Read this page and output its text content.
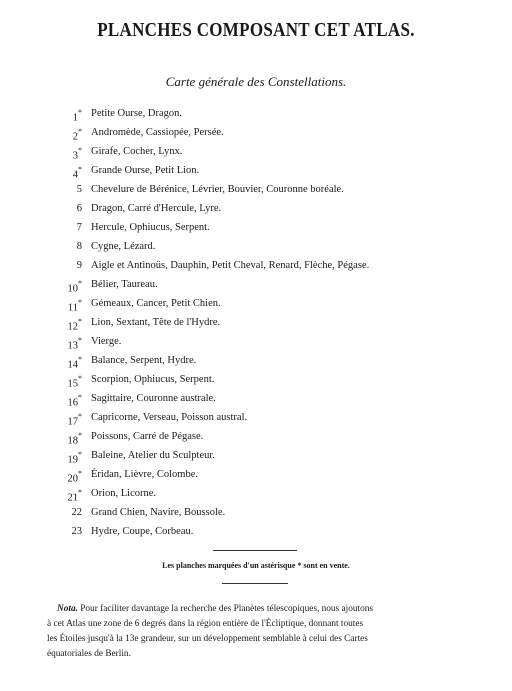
PLANCHES COMPOSANT CET ATLAS.
Carte générale des Constellations.
1* Petite Ourse, Dragon.
2* Andromède, Cassiopée, Persée.
3* Girafe, Cocher, Lynx.
4* Grande Ourse, Petit Lion.
5 Chevelure de Bérénice, Lévrier, Bouvier, Couronne boréale.
6 Dragon, Carré d'Hercule, Lyre.
7 Hercule, Ophiucus, Serpent.
8 Cygne, Lézard.
9 Aigle et Antinoüs, Dauphin, Petit Cheval, Renard, Flèche, Pégase.
10* Bélier, Taureau.
11* Gémeaux, Cancer, Petit Chien.
12* Lion, Sextant, Tête de l'Hydre.
13* Vierge.
14* Balance, Serpent, Hydre.
15* Scorpion, Ophiucus, Serpent.
16* Sagittaire, Couronne australe.
17* Capricorne, Verseau, Poisson austral.
18* Poissons, Carré de Pégase.
19* Baleine, Atelier du Sculpteur.
20* Éridan, Lièvre, Colombe.
21* Orion, Licorne.
22 Grand Chien, Navire, Boussole.
23 Hydre, Coupe, Corbeau.
Les planches marquées d'un astérisque * sont en vente.
Nota. Pour faciliter davantage la recherche des Planètes télescopiques, nous ajoutons
à cet Atlas une zone de 6 degrés dans la région entière de l'Écliptique, donnant toutes
les Étoiles jusqu'à la 13e grandeur, sur un développement semblable à celui des Cartes
équatoriales de Berlin.
